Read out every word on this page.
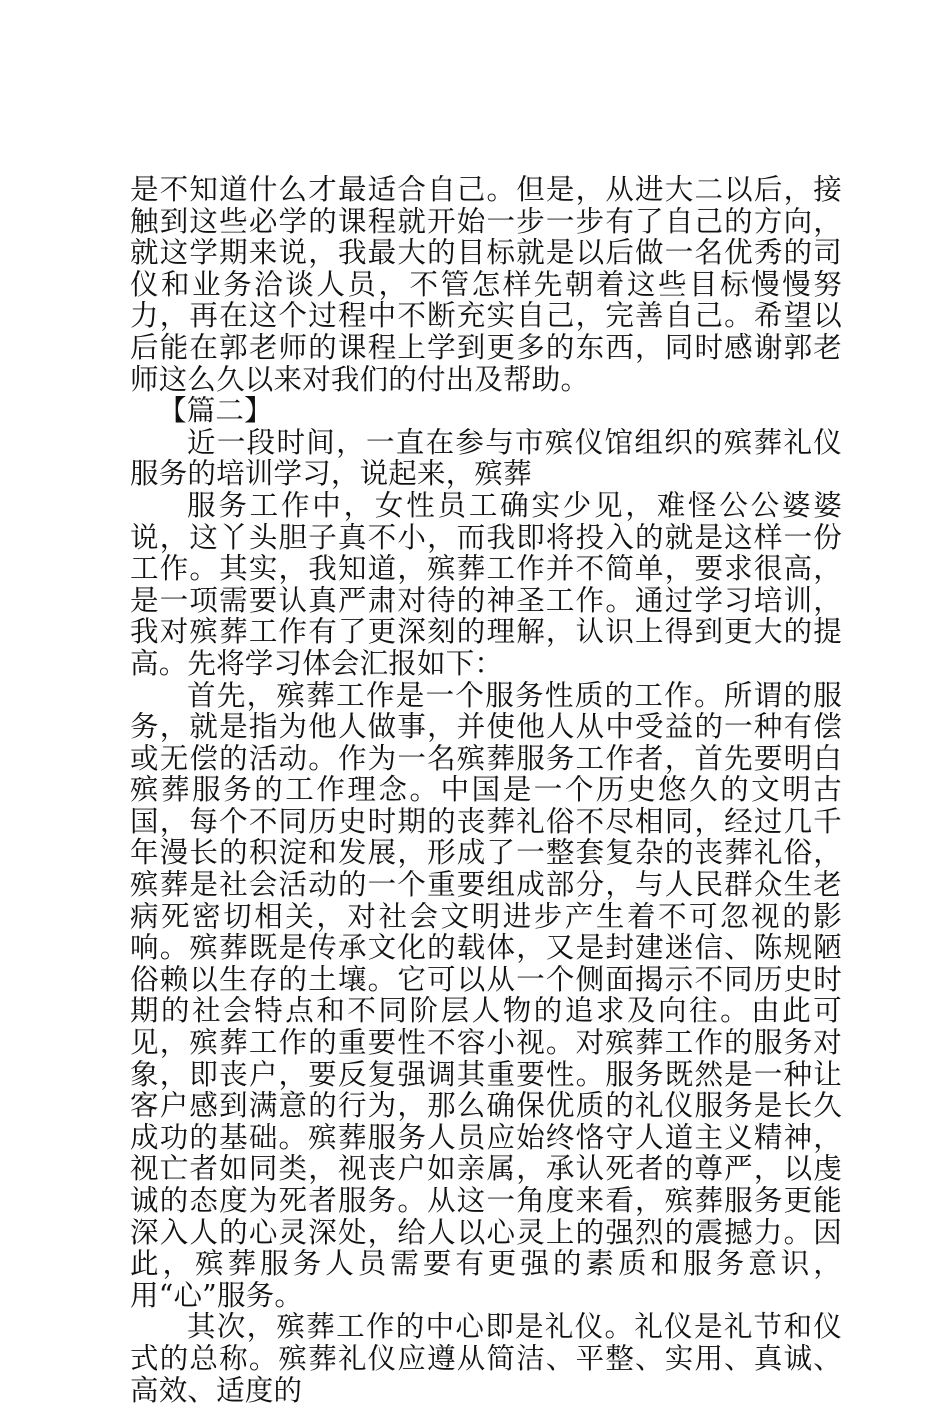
是不知道什么才最适合自己。但是，从进大二以后，接触到这些必学的课程就开始一步一步有了自己的方向，就这学期来说，我最大的目标就是以后做一名优秀的司仪和业务洽谈人员，不管怎样先朝着这些目标慢慢努力，再在这个过程中不断充实自己，完善自己。希望以后能在郭老师的课程上学到更多的东西，同时感谢郭老师这么久以来对我们的付出及帮助。

【篇二】

近一段时间，一直在参与市殡仪馆组织的殡葬礼仪服务的培训学习，说起来，殡葬

服务工作中，女性员工确实少见，难怪公公婆婆说，这丫头胆子真不小，而我即将投入的就是这样一份工作。其实，我知道，殡葬工作并不简单，要求很高，是一项需要认真严肃对待的神圣工作。通过学习培训，我对殡葬工作有了更深刻的理解，认识上得到更大的提高。先将学习体会汇报如下：

首先，殡葬工作是一个服务性质的工作。所谓的服务，就是指为他人做事，并使他人从中受益的一种有偿或无偿的活动。作为一名殡葬服务工作者，首先要明白殡葬服务的工作理念。中国是一个历史悠久的文明古国，每个不同历史时期的丧葬礼俗不尽相同，经过几千年漫长的积淀和发展，形成了一整套复杂的丧葬礼俗，殡葬是社会活动的一个重要组成部分，与人民群众生老病死密切相关，对社会文明进步产生着不可忽视的影响。殡葬既是传承文化的载体，又是封建迷信、陈规陋俗赖以生存的土壤。它可以从一个侧面揭示不同历史时期的社会特点和不同阶层人物的追求及向往。由此可见，殡葬工作的重要性不容小视。对殡葬工作的服务对象，即丧户，要反复强调其重要性。服务既然是一种让客户感到满意的行为，那么确保优质的礼仪服务是长久成功的基础。殡葬服务人员应始终恪守人道主义精神，视亡者如同类，视丧户如亲属，承认死者的尊严，以虔诚的态度为死者服务。从这一角度来看，殡葬服务更能深入人的心灵深处，给人以心灵上的强烈的震撼力。因此，殡葬服务人员需要有更强的素质和服务意识，用“心”服务。

其次，殡葬工作的中心即是礼仪。礼仪是礼节和仪式的总称。殡葬礼仪应遵从简洁、平整、实用、真诚、高效、适度的
